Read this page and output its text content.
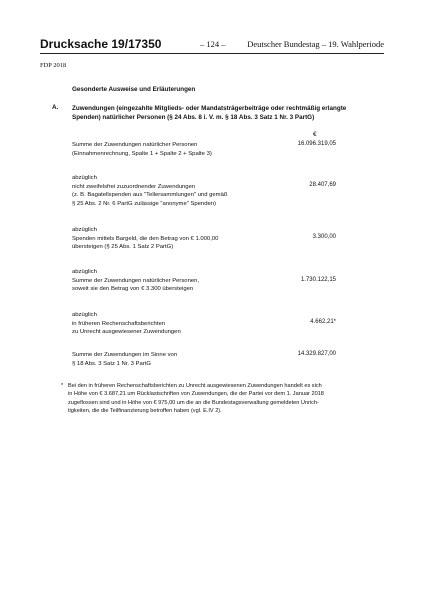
Drucksache 19/17350	– 124 –	Deutscher Bundestag – 19. Wahlperiode
FDP 2018
Gesonderte Ausweise und Erläuterungen
A. Zuwendungen (eingezahlte Mitglieds- oder Mandatsträgerbeiträge oder rechtmäßig erlangte
Spenden) natürlicher Personen (§ 24 Abs. 8 i. V. m. § 18 Abs. 3 Satz 1 Nr. 3 PartG)
€
Summe der Zuwendungen natürlicher Personen
(Einnahmenrechnung, Spalte 1 + Spalte 2 + Spalte 3)
16.096.319,05
abzüglich
nicht zweifelsfrei zuzuordnender Zuwendungen
(z. B. Bagatellspenden aus "Tellersammlungen" und gemäß
§ 25 Abs. 2 Nr. 6 PartG zulässige "anonyme" Spenden)
28.407,69
abzüglich
Spenden mittels Bargeld, die den Betrag von € 1.000,00
übersteigen (§ 25 Abs. 1 Satz 2 PartG)
3.300,00
abzüglich
Summe der Zuwendungen natürlicher Personen,
soweit sie den Betrag von € 3.300 übersteigen
1.730.122,15
abzüglich
in früheren Rechenschaftsberichten
zu Unrecht ausgewiesener Zuwendungen
4.662,21*
Summe der Zuwendungen im Sinne von
§ 18 Abs. 3 Satz 1 Nr. 3 PartG
14.329.827,00
* Bei den in früheren Rechenschaftsberichten zu Unrecht ausgewiesenen Zuwendungen handelt es sich
in Höhe von € 3.687,21 um Rücklastschriften von Zuwendungen, die der Partei vor dem 1. Januar 2018
zugeflossen sind und in Höhe von € 975,00 um die an die Bundestagsverwaltung gemeldeten Unrich-
tigkeiten, die die Teilfinanzierung betroffen haben (vgl. E.IV 2).
